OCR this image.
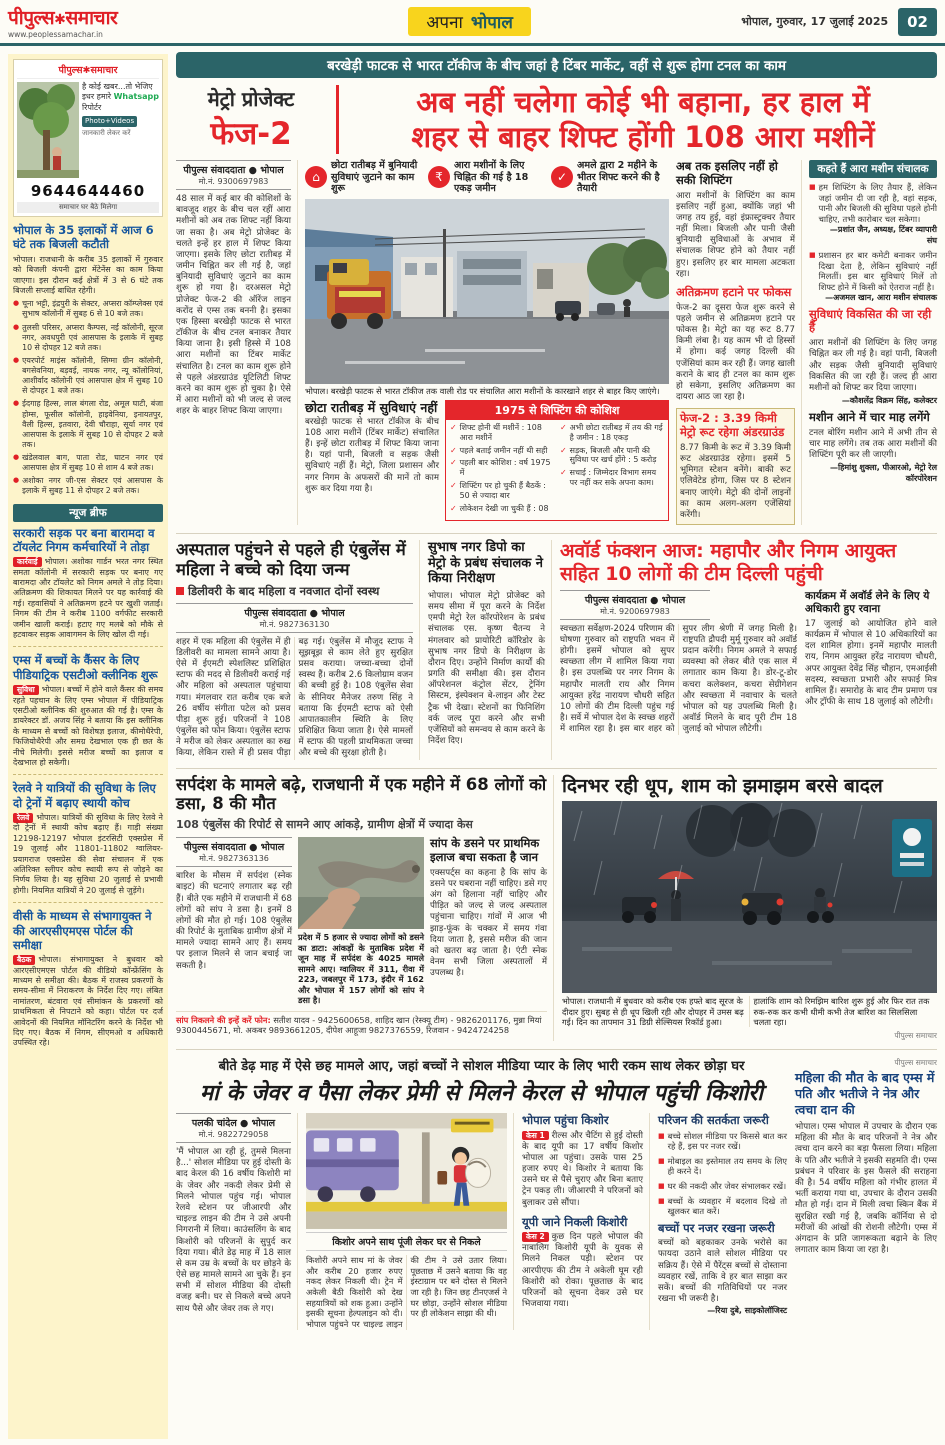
पीपुल्स✱समाचार
www.peoplessamachar.in
अपना भोपाल	भोपाल, गुरुवार, 17 जुलाई 2025	02
पीपुल्स✱समाचार
है कोई खबर...तो भेजिए इधर हमारे Whatsapp रिपोर्टर
Photo+Videos
जानकारी लेकर करें
9644644460
समाचार घर बैठे मिलेगा
भोपाल के 35 इलाकों में आज 6 घंटे तक बिजली कटौती

भोपाल। राजधानी के करीब 35 इलाकों में गुरुवार को बिजली कंपनी द्वारा मेंटेनेंस का काम किया जाएगा। इस दौरान कई क्षेत्रों में 3 से 6 घंटे तक बिजली सप्लाई बाधित रहेगी।

● चूना भट्टी, इंद्रपुरी के सेक्टर, अप्सरा कॉम्प्लेक्स एवं सुभाष कॉलोनी में सुबह 6 से 10 बजे तक।
● तुलसी परिसर, अप्सरा कैम्पस, नई कॉलोनी, सूरज नगर, अवधपुरी एवं आसपास के इलाके में सुबह 10 से दोपहर 12 बजे तक।
● एयरपोर्ट माइंस कॉलोनी, सिग्मा ग्रीन कॉलोनी, बगसेवनिया, बड़वई, नायक नगर, न्यू कॉलोनियां, आशीर्वाद कॉलोनी एवं आसपास क्षेत्र में सुबह 10 से दोपहर 1 बजे तक।
● ईदगाह हिल्स, लाल बंगला रोड, अमूल घाटी, बंजा होम्स, फूसील कॉलोनी, हाइवेनिया, इनायतपुर, वैली हिल्स, इतवारा, देवी चौराहा, सूर्या नगर एवं आसपास के इलाके में सुबह 10 से दोपहर 2 बजे तक।
● खंडेलवाल बाग, पाता रोड, घाटन नगर एवं आसपास क्षेत्र में सुबह 10 से शाम 4 बजे तक।
● अशोका नगर जी-एस सेक्टर एवं आसपास के इलाके में सुबह 11 से दोपहर 2 बजे तक।
न्यूज ब्रीफ
सरकारी सड़क पर बना बारामदा व टॉयलेट निगम कर्मचारियों ने तोड़ा

कार्रवाई भोपाल। अशोका गार्डन भरत नगर स्थित समता कॉलोनी में सरकारी सड़क पर बनाए गए बारामदा और टॉयलेट को निगम अमले ने तोड़ दिया। अतिक्रमण की शिकायत मिलने पर यह कार्रवाई की गई। रहवासियों ने अतिक्रमण हटने पर खुशी जताई। निगम की टीम ने करीब 1100 वर्गफीट सरकारी जमीन खाली कराई। हटाए गए मलबे को मौके से हटवाकर सड़क आवागमन के लिए खोल दी गई।

एम्स में बच्चों के कैंसर के लिए पीडियाट्रिक एसटीओ क्लीनिक शुरू

सुविधा भोपाल। बच्चों में होने वाले कैंसर की समय रहते पहचान के लिए एम्स भोपाल में पीडियाट्रिक एसटीओ क्लीनिक की शुरुआत की गई है। एम्स के डायरेक्टर डॉ. अजय सिंह ने बताया कि इस क्लीनिक के माध्यम से बच्चों को विशेषज्ञ इलाज, कीमोथैरेपी, फिजियोथैरेपी और समग्र देखभाल एक ही छत के नीचे मिलेगी। इससे मरीज बच्चों का इलाज व देखभाल हो सकेगी।

रेलवे ने यात्रियों की सुविधा के लिए दो ट्रेनों में बढ़ाए स्थायी कोच

रेलवे भोपाल। यात्रियों की सुविधा के लिए रेलवे ने दो ट्रेनों में स्थायी कोच बढ़ाए हैं। गाड़ी संख्या 12198-12197 भोपाल इंटरसिटी एक्सप्रेस में 19 जुलाई और 11801-11802 ग्वालियर-प्रयागराज एक्सप्रेस की सेवा संचालन में एक अतिरिक्त स्लीपर कोच स्थायी रूप से जोड़ने का निर्णय लिया है। यह सुविधा 20 जुलाई से प्रभावी होगी। नियमित यात्रियों ने 20 जुलाई से जुड़ेंगे।

वीसी के माध्यम से संभागायुक्त ने की आरएसीएमएस पोर्टल की समीक्षा

बैठक भोपाल। संभागायुक्त ने बुधवार को आरएसीएमएस पोर्टल की वीडियो कॉन्फ्रेंसिंग के माध्यम से समीक्षा की। बैठक में राजस्व प्रकरणों के समय-सीमा में निराकरण के निर्देश दिए गए। लंबित नामांतरण, बंटवारा एवं सीमांकन के प्रकरणों को प्राथमिकता से निपटाने को कहा। पोर्टल पर दर्ज आवेदनों की नियमित मॉनिटरिंग करने के निर्देश भी दिए गए। बैठक में निगम, सीएमओ व अधिकारी उपस्थित रहे।

बरखेड़ी फाटक से भारत टॉकीज के बीच जहां है टिंबर मार्केट, वहीं से शुरू होगा टनल का काम
मेट्रो प्रोजेक्ट
फेज-2
अब नहीं चलेगा कोई भी बहाना, हर हाल में
शहर से बाहर शिफ्ट होंगी 108 आरा मशीनें
पीपुल्स संवाददाता ● भोपाल
मो.नं. 9300697983

48 साल में कई बार की कोशिशों के बावजूद शहर के बीच चल रहीं आरा मशीनों को अब तक शिफ्ट नहीं किया जा सका है। अब मेट्रो प्रोजेक्ट के चलते इन्हें हर हाल में शिफ्ट किया जाएगा। इसके लिए छोटा रातीबड़ में जमीन चिह्नित कर ली गई है, जहां बुनियादी सुविधाएं जुटाने का काम शुरू हो गया है। दरअसल मेट्रो प्रोजेक्ट फेज-2 की ऑरेंज लाइन करोंद से एम्स तक बननी है। इसका एक हिस्सा बरखेड़ी फाटक से भारत टॉकीज के बीच टनल बनाकर तैयार किया जाना है। इसी हिस्से में 108 आरा मशीनों का टिंबर मार्केट संचालित है। टनल का काम शुरू होने से पहले अंडरग्राउंड यूटिलिटी शिफ्ट करने का काम शुरू हो चुका है। ऐसे में आरा मशीनों को भी जल्द से जल्द शहर के बाहर शिफ्ट किया जाएगा।

⌂
छोटा रातीबड़ में बुनियादी सुविधाएं जुटाने का काम शुरू
₹
आरा मशीनों के लिए चिह्नित की गई है 18 एकड़ जमीन
✓
अमले द्वारा 2 महीने के भीतर शिफ्ट करने की है तैयारी

भोपाल। बरखेड़ी फाटक से भारत टॉकीज तक वाली रोड पर संचालित आरा मशीनों के कारखाने शहर से बाहर किए जाएंगे।

छोटा रातीबड़ में सुविधाएं नहीं

बरखेड़ी फाटक से भारत टॉकीज के बीच 108 आरा मशीनें (टिंबर मार्केट) संचालित हैं। इन्हें छोटा रातीबड़ में शिफ्ट किया जाना है। यहां पानी, बिजली व सड़क जैसी सुविधाएं नहीं हैं। मेट्रो, जिला प्रशासन और नगर निगम के अफसरों की मानें तो काम शुरू कर दिया गया है।

1975 से शिफ्टिंग की कोशिश
✓ शिफ्ट होनी थीं मशीनें : 108 आरा मशीनें
✓ पहले बताई जमीन नहीं थी सही
✓ पहली बार कोशिश : वर्ष 1975 में
✓ शिफ्टिंग पर हो चुकी हैं बैठकें : 50 से ज्यादा बार
✓ लोकेशन देखी जा चुकी हैं : 08
✓ अभी छोटा रातीबड़ में तय की गई है जमीन : 18 एकड़
✓ सड़क, बिजली और पानी की सुविधा पर खर्च होंगे : 5 करोड़
✓ सचाई : जिम्मेदार विभाग समय पर नहीं कर सके अपना काम।
अब तक इसलिए नहीं हो सकी शिफ्टिंग

आरा मशीनों के शिफ्टिंग का काम इसलिए नहीं हुआ, क्योंकि जहां भी जगह तय हुई, वहां इंफ्रास्ट्रक्चर तैयार नहीं मिला। बिजली और पानी जैसी बुनियादी सुविधाओं के अभाव में संचालक शिफ्ट होने को तैयार नहीं हुए। इसलिए हर बार मामला अटकता रहा।

अतिक्रमण हटाने पर फोकस

फेज-2 का दूसरा फेज शुरू करने से पहले जमीन से अतिक्रमण हटाने पर फोकस है। मेट्रो का यह रूट 8.77 किमी लंबा है। यह काम भी दो हिस्सों में होगा। कई जगह दिल्ली की एजेंसियां काम कर रही हैं। जगह खाली कराने के बाद ही टनल का काम शुरू हो सकेगा, इसलिए अतिक्रमण का दायरा आठ जा रहा है।

फेज-2 : 3.39 किमी मेट्रो रूट रहेगा अंडरग्राउंड

8.77 किमी के रूट में 3.39 किमी रूट अंडरग्राउंड रहेगा। इसमें 5 भूमिगत स्टेशन बनेंगे। बाकी रूट एलिवेटेड होगा, जिस पर 8 स्टेशन बनाए जाएंगे। मेट्रो की दोनों लाइनों का काम अलग-अलग एजेंसियां करेंगी।

कहते हैं आरा मशीन संचालक
■ हम शिफ्टिंग के लिए तैयार हैं, लेकिन जहां जमीन दी जा रही है, वहां सड़क, पानी और बिजली की सुविधा पहले होनी चाहिए, तभी कारोबार चल सकेगा।
—प्रशांत जैन, अध्यक्ष, टिंबर व्यापारी संघ
■ प्रशासन हर बार कमेटी बनाकर जमीन दिखा देता है, लेकिन सुविधाएं नहीं मिलतीं। इस बार सुविधाएं मिलें तो शिफ्ट होने में किसी को ऐतराज नहीं है।
—अजमल खान, आरा मशीन संचालक
सुविधाएं विकसित की जा रही हैं

आरा मशीनों की शिफ्टिंग के लिए जगह चिह्नित कर ली गई है। वहां पानी, बिजली और सड़क जैसी बुनियादी सुविधाएं विकसित की जा रही हैं। जल्द ही आरा मशीनों को शिफ्ट कर दिया जाएगा।

—कौशलेंद्र विक्रम सिंह, कलेक्टर
मशीन आने में चार माह लगेंगे

टनल बोरिंग मशीन आने में अभी तीन से चार माह लगेंगे। तब तक आरा मशीनों की शिफ्टिंग पूरी कर ली जाएगी।

—हिमांशु शुक्ला, पीआरओ, मेट्रो रेल कॉरपोरेशन
अस्पताल पहुंचने से पहले ही एंबुलेंस में महिला ने बच्चे को दिया जन्म
डिलीवरी के बाद महिला व नवजात दोनों स्वस्थ
पीपुल्स संवाददाता ● भोपाल
मो.नं. 9827363130

शहर में एक महिला की एंबुलेंस में ही डिलीवरी का मामला सामने आया है। ऐसे में ईएमटी स्पेशलिस्ट प्रशिक्षित स्टाफ की मदद से डिलीवरी कराई गई और महिला को अस्पताल पहुंचाया गया। मंगलवार रात करीब एक बजे 26 वर्षीय संगीता पटेल को प्रसव पीड़ा शुरू हुई। परिजनों ने 108 एंबुलेंस को फोन किया। एंबुलेंस स्टाफ ने मरीज को लेकर अस्पताल का रुख किया, लेकिन रास्ते में ही प्रसव पीड़ा बढ़ गई। एंबुलेंस में मौजूद स्टाफ ने सूझबूझ से काम लेते हुए सुरक्षित प्रसव कराया। जच्चा-बच्चा दोनों स्वस्थ हैं। करीब 2.6 किलोग्राम वजन की बच्ची हुई है। 108 एंबुलेंस सेवा के सीनियर मैनेजर तरुण सिंह ने बताया कि ईएमटी स्टाफ को ऐसी आपातकालीन स्थिति के लिए प्रशिक्षित किया जाता है। ऐसे मामलों में स्टाफ की पहली प्राथमिकता जच्चा और बच्चे की सुरक्षा होती है।

सुभाष नगर डिपो का मेट्रो के प्रबंध संचालक ने किया निरीक्षण

भोपाल। भोपाल मेट्रो प्रोजेक्ट को समय सीमा में पूरा करने के निर्देश एमपी मेट्रो रेल कॉरपोरेशन के प्रबंध संचालक एस. कृष्ण चैतन्य ने मंगलवार को प्रायोरिटी कॉरिडोर के सुभाष नगर डिपो के निरीक्षण के दौरान दिए। उन्होंने निर्माण कार्यों की प्रगति की समीक्षा की। इस दौरान ऑपरेशनल कंट्रोल सेंटर, ट्रेनिंग सिस्टम, इंस्पेक्शन बे-लाइन और टेस्ट ट्रैक भी देखा। स्टेशनों का फिनिशिंग वर्क जल्द पूरा करने और सभी एजेंसियों को समन्वय से काम करने के निर्देश दिए।

अवॉर्ड फंक्शन आज: महापौर और निगम आयुक्त सहित 10 लोगों की टीम दिल्ली पहुंची
पीपुल्स संवाददाता ● भोपाल
मो.नं. 9200697983

स्वच्छता सर्वेक्षण-2024 परिणाम की घोषणा गुरुवार को राष्ट्रपति भवन में होगी। इसमें भोपाल को सुपर स्वच्छता लीग में शामिल किया गया है। इस उपलब्धि पर नगर निगम के महापौर मालती राय और निगम आयुक्त हरेंद्र नारायण चौधरी सहित 10 लोगों की टीम दिल्ली पहुंच गई है। सर्वे में भोपाल देश के स्वच्छ शहरों में शामिल रहा है। इस बार शहर को सुपर लीग श्रेणी में जगह मिली है। राष्ट्रपति द्रौपदी मुर्मू गुरुवार को अवॉर्ड प्रदान करेंगी। निगम अमले ने सफाई व्यवस्था को लेकर बीते एक साल में लगातार काम किया है। डोर-टू-डोर कचरा कलेक्शन, कचरा सेग्रीगेशन और स्वच्छता में नवाचार के चलते भोपाल को यह उपलब्धि मिली है। अवॉर्ड मिलने के बाद पूरी टीम 18 जुलाई को भोपाल लौटेगी।

कार्यक्रम में अवॉर्ड लेने के लिए ये अधिकारी हुए रवाना

17 जुलाई को आयोजित होने वाले कार्यक्रम में भोपाल से 10 अधिकारियों का दल शामिल होगा। इनमें महापौर मालती राय, निगम आयुक्त हरेंद्र नारायण चौधरी, अपर आयुक्त देवेंद्र सिंह चौहान, एमआईसी सदस्य, स्वच्छता प्रभारी और सफाई मित्र शामिल हैं। समारोह के बाद टीम प्रमाण पत्र और ट्रॉफी के साथ 18 जुलाई को लौटेगी।

सर्पदंश के मामले बढ़े, राजधानी में एक महीने में 68 लोगों को डसा, 8 की मौत
108 एंबुलेंस की रिपोर्ट से सामने आए आंकड़े, ग्रामीण क्षेत्रों में ज्यादा केस
पीपुल्स संवाददाता ● भोपाल
मो.नं. 9827363136

बारिश के मौसम में सर्पदंश (स्नेक बाइट) की घटनाएं लगातार बढ़ रही हैं। बीते एक महीने में राजधानी में 68 लोगों को सांप ने डसा है। इनमें 8 लोगों की मौत हो गई। 108 एंबुलेंस की रिपोर्ट के मुताबिक ग्रामीण क्षेत्रों में मामले ज्यादा सामने आए हैं। समय पर इलाज मिलने से जान बचाई जा सकती है।

प्रदेश में 5 हजार से ज्यादा लोगों को डसने का डाटा: आंकड़ों के मुताबिक प्रदेश में जून माह में सर्पदंश के 4025 मामले सामने आए। ग्वालियर में 311, रीवा में 223, जबलपुर में 173, इंदौर में 162 और भोपाल में 157 लोगों को सांप ने डसा है।

सांप के डसने पर प्राथमिक इलाज बचा सकता है जान

एक्सपर्ट्स का कहना है कि सांप के डसने पर घबराना नहीं चाहिए। डसे गए अंग को हिलाना नहीं चाहिए और पीड़ित को जल्द से जल्द अस्पताल पहुंचाना चाहिए। गांवों में आज भी झाड़-फूंक के चक्कर में समय गंवा दिया जाता है, इससे मरीज की जान को खतरा बढ़ जाता है। एंटी स्नेक वेनम सभी जिला अस्पतालों में उपलब्ध है।

सांप निकलने की इन्हें करें फोन: सतीश यादव - 9425600658, शाहिद खान (रेस्क्यू टीम) - 9826201176, मुन्ना मियां 9300445671, मो. अकबर 9893661205, दीपेश आहूजा 9827376559, रिजवान - 9424724258

दिनभर रही धूप, शाम को झमाझम बरसे बादल

भोपाल। राजधानी में बुधवार को करीब एक हफ्ते बाद सूरज के दीदार हुए। सुबह से ही धूप खिली रही और दोपहर में उमस बढ़ गई। दिन का तापमान 31 डिग्री सेल्सियस रिकॉर्ड हुआ। हालांकि शाम को रिमझिम बारिश शुरू हुई और फिर रात तक रुक-रुक कर कभी धीमी कभी तेज बारिश का सिलसिला चलता रहा।

पीपुल्स समाचार
बीते डेढ़ माह में ऐसे छह मामले आए, जहां बच्चों ने सोशल मीडिया प्यार के लिए भारी रकम साथ लेकर छोड़ा घर
मां के जेवर व पैसा लेकर प्रेमी से मिलने केरल से भोपाल पहुंची किशोरी
पलकी चांदेल ● भोपाल
मो.नं. 9822729058

'मैं भोपाल आ रही हूं, तुमसे मिलना है...' सोशल मीडिया पर हुई दोस्ती के बाद केरल की 16 वर्षीय किशोरी मां के जेवर और नकदी लेकर प्रेमी से मिलने भोपाल पहुंच गई। भोपाल रेलवे स्टेशन पर जीआरपी और चाइल्ड लाइन की टीम ने उसे अपनी निगरानी में लिया। काउंसलिंग के बाद किशोरी को परिजनों के सुपुर्द कर दिया गया। बीते डेढ़ माह में 18 साल से कम उम्र के बच्चों के घर छोड़ने के ऐसे छह मामले सामने आ चुके हैं। इन सभी में सोशल मीडिया की दोस्ती वजह बनी। घर से निकले बच्चे अपने साथ पैसे और जेवर तक ले गए।

किशोर अपने साथ पूंजी लेकर घर से निकले

किशोरी अपने साथ मां के जेवर और करीब 20 हजार रुपए नकद लेकर निकली थी। ट्रेन में अकेली बैठी किशोरी को देख सहयात्रियों को शक हुआ। उन्होंने इसकी सूचना हेल्पलाइन को दी। भोपाल पहुंचने पर चाइल्ड लाइन की टीम ने उसे उतार लिया। पूछताछ में उसने बताया कि वह इंस्टाग्राम पर बने दोस्त से मिलने जा रही है। जिन छह टीनएजर्स ने घर छोड़ा, उन्होंने सोशल मीडिया पर ही लोकेशन साझा की थी।

भोपाल पहुंचा किशोर

केस 1 रील्स और चैटिंग से हुई दोस्ती के बाद यूपी का 17 वर्षीय किशोर भोपाल आ पहुंचा। उसके पास 25 हजार रुपए थे। किशोर ने बताया कि उसने घर से पैसे चुराए और बिना बताए ट्रेन पकड़ ली। जीआरपी ने परिजनों को बुलाकर उसे सौंपा।

यूपी जाने निकली किशोरी

केस 2 कुछ दिन पहले भोपाल की नाबालिग किशोरी यूपी के युवक से मिलने निकल पड़ी। स्टेशन पर आरपीएफ की टीम ने अकेली घूम रही किशोरी को रोका। पूछताछ के बाद परिजनों को सूचना देकर उसे घर भिजवाया गया।

परिजन की सतर्कता जरूरी
■ बच्चे सोशल मीडिया पर किससे बात कर रहे हैं, इस पर नजर रखें।
■ मोबाइल का इस्तेमाल तय समय के लिए ही करने दें।
■ घर की नकदी और जेवर संभालकर रखें।
■ बच्चों के व्यवहार में बदलाव दिखे तो खुलकर बात करें।
बच्चों पर नजर रखना जरूरी

बच्चों को बहकाकर उनके भरोसे का फायदा उठाने वाले सोशल मीडिया पर सक्रिय हैं। ऐसे में पैरेंट्स बच्चों से दोस्ताना व्यवहार रखें, ताकि वे हर बात साझा कर सकें। बच्चों की गतिविधियों पर नजर रखना भी जरूरी है।

—रिया दुबे, साइकोलॉजिस्ट
पीपुल्स समाचार
महिला की मौत के बाद एम्स में पति और भतीजे ने नेत्र और त्वचा दान की

भोपाल। एम्स भोपाल में उपचार के दौरान एक महिला की मौत के बाद परिजनों ने नेत्र और त्वचा दान करने का बड़ा फैसला लिया। महिला के पति और भतीजे ने इसकी सहमति दी। एम्स प्रबंधन ने परिवार के इस फैसले की सराहना की है। 54 वर्षीय महिला को गंभीर हालत में भर्ती कराया गया था, उपचार के दौरान उसकी मौत हो गई। दान में मिली त्वचा स्किन बैंक में सुरक्षित रखी गई है, जबकि कॉर्निया से दो मरीजों की आंखों की रोशनी लौटेगी। एम्स में अंगदान के प्रति जागरूकता बढ़ाने के लिए लगातार काम किया जा रहा है।
